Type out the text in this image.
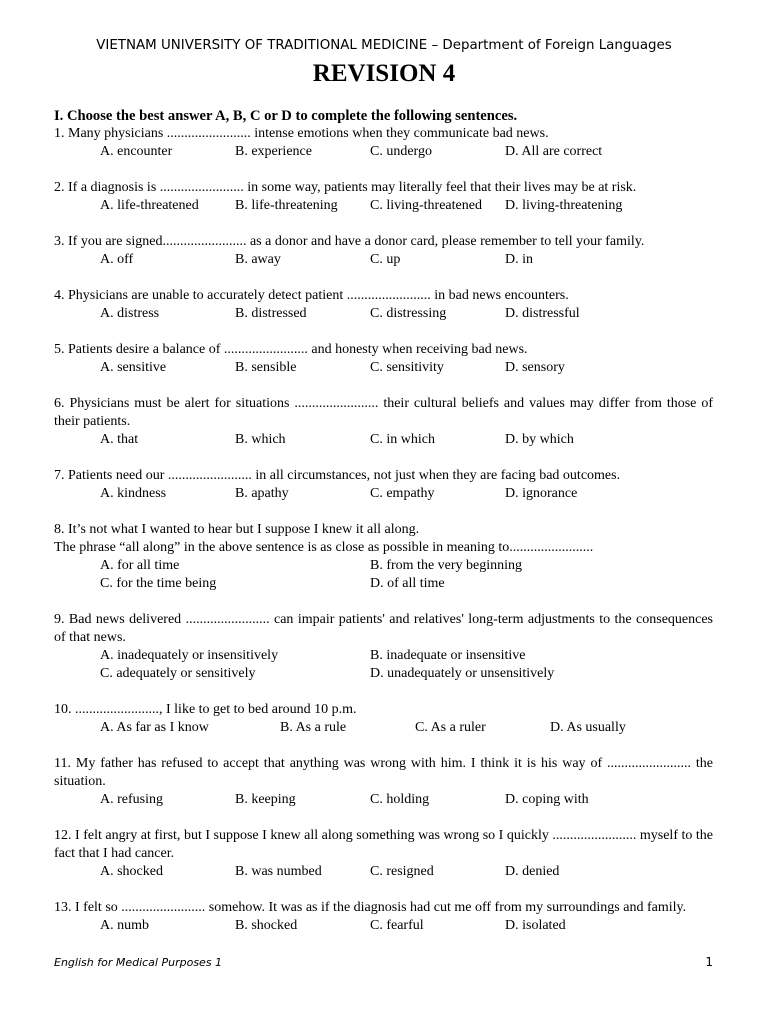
VIETNAM UNIVERSITY OF TRADITIONAL MEDICINE – Department of Foreign Languages
REVISION 4
I. Choose the best answer A, B, C or D to complete the following sentences.
1. Many physicians ........................ intense emotions when they communicate bad news.
A. encounter	B. experience	C. undergo	D. All are correct
2. If a diagnosis is ........................ in some way, patients may literally feel that their lives may be at risk.
A. life-threatened	B. life-threatening	C. living-threatened	D. living-threatening
3. If you are signed........................ as a donor and have a donor card, please remember to tell your family.
A. off	B. away	C. up	D. in
4. Physicians are unable to accurately detect patient ........................ in bad news encounters.
A. distress	B. distressed	C. distressing	D. distressful
5. Patients desire a balance of ........................ and honesty when receiving bad news.
A. sensitive	B. sensible	C. sensitivity	D. sensory
6. Physicians must be alert for situations ........................ their cultural beliefs and values may differ from those of their patients.
A. that	B. which	C. in which	D. by which
7. Patients need our ........................ in all circumstances, not just when they are facing bad outcomes.
A. kindness	B. apathy	C. empathy	D. ignorance
8. It’s not what I wanted to hear but I suppose I knew it all along.
The phrase “all along” in the above sentence is as close as possible in meaning to........................
A. for all time	B. from the very beginning
C. for the time being	D. of all time
9. Bad news delivered ........................ can impair patients' and relatives' long-term adjustments to the consequences of that news.
A. inadequately or insensitively	B. inadequate or insensitive
C. adequately or sensitively	D. unadequately or unsensitively
10. ........................, I like to get to bed around 10 p.m.
A. As far as I know	B. As a rule	C. As a ruler	D. As usually
11. My father has refused to accept that anything was wrong with him. I think it is his way of ........................ the situation.
A. refusing	B. keeping	C. holding	D. coping with
12. I felt angry at first, but I suppose I knew all along something was wrong so I quickly ........................ myself to the fact that I had cancer.
A. shocked	B. was numbed	C. resigned	D. denied
13. I felt so ........................ somehow. It was as if the diagnosis had cut me off from my surroundings and family.
A. numb	B. shocked	C. fearful	D. isolated
English for Medical Purposes 1	1
